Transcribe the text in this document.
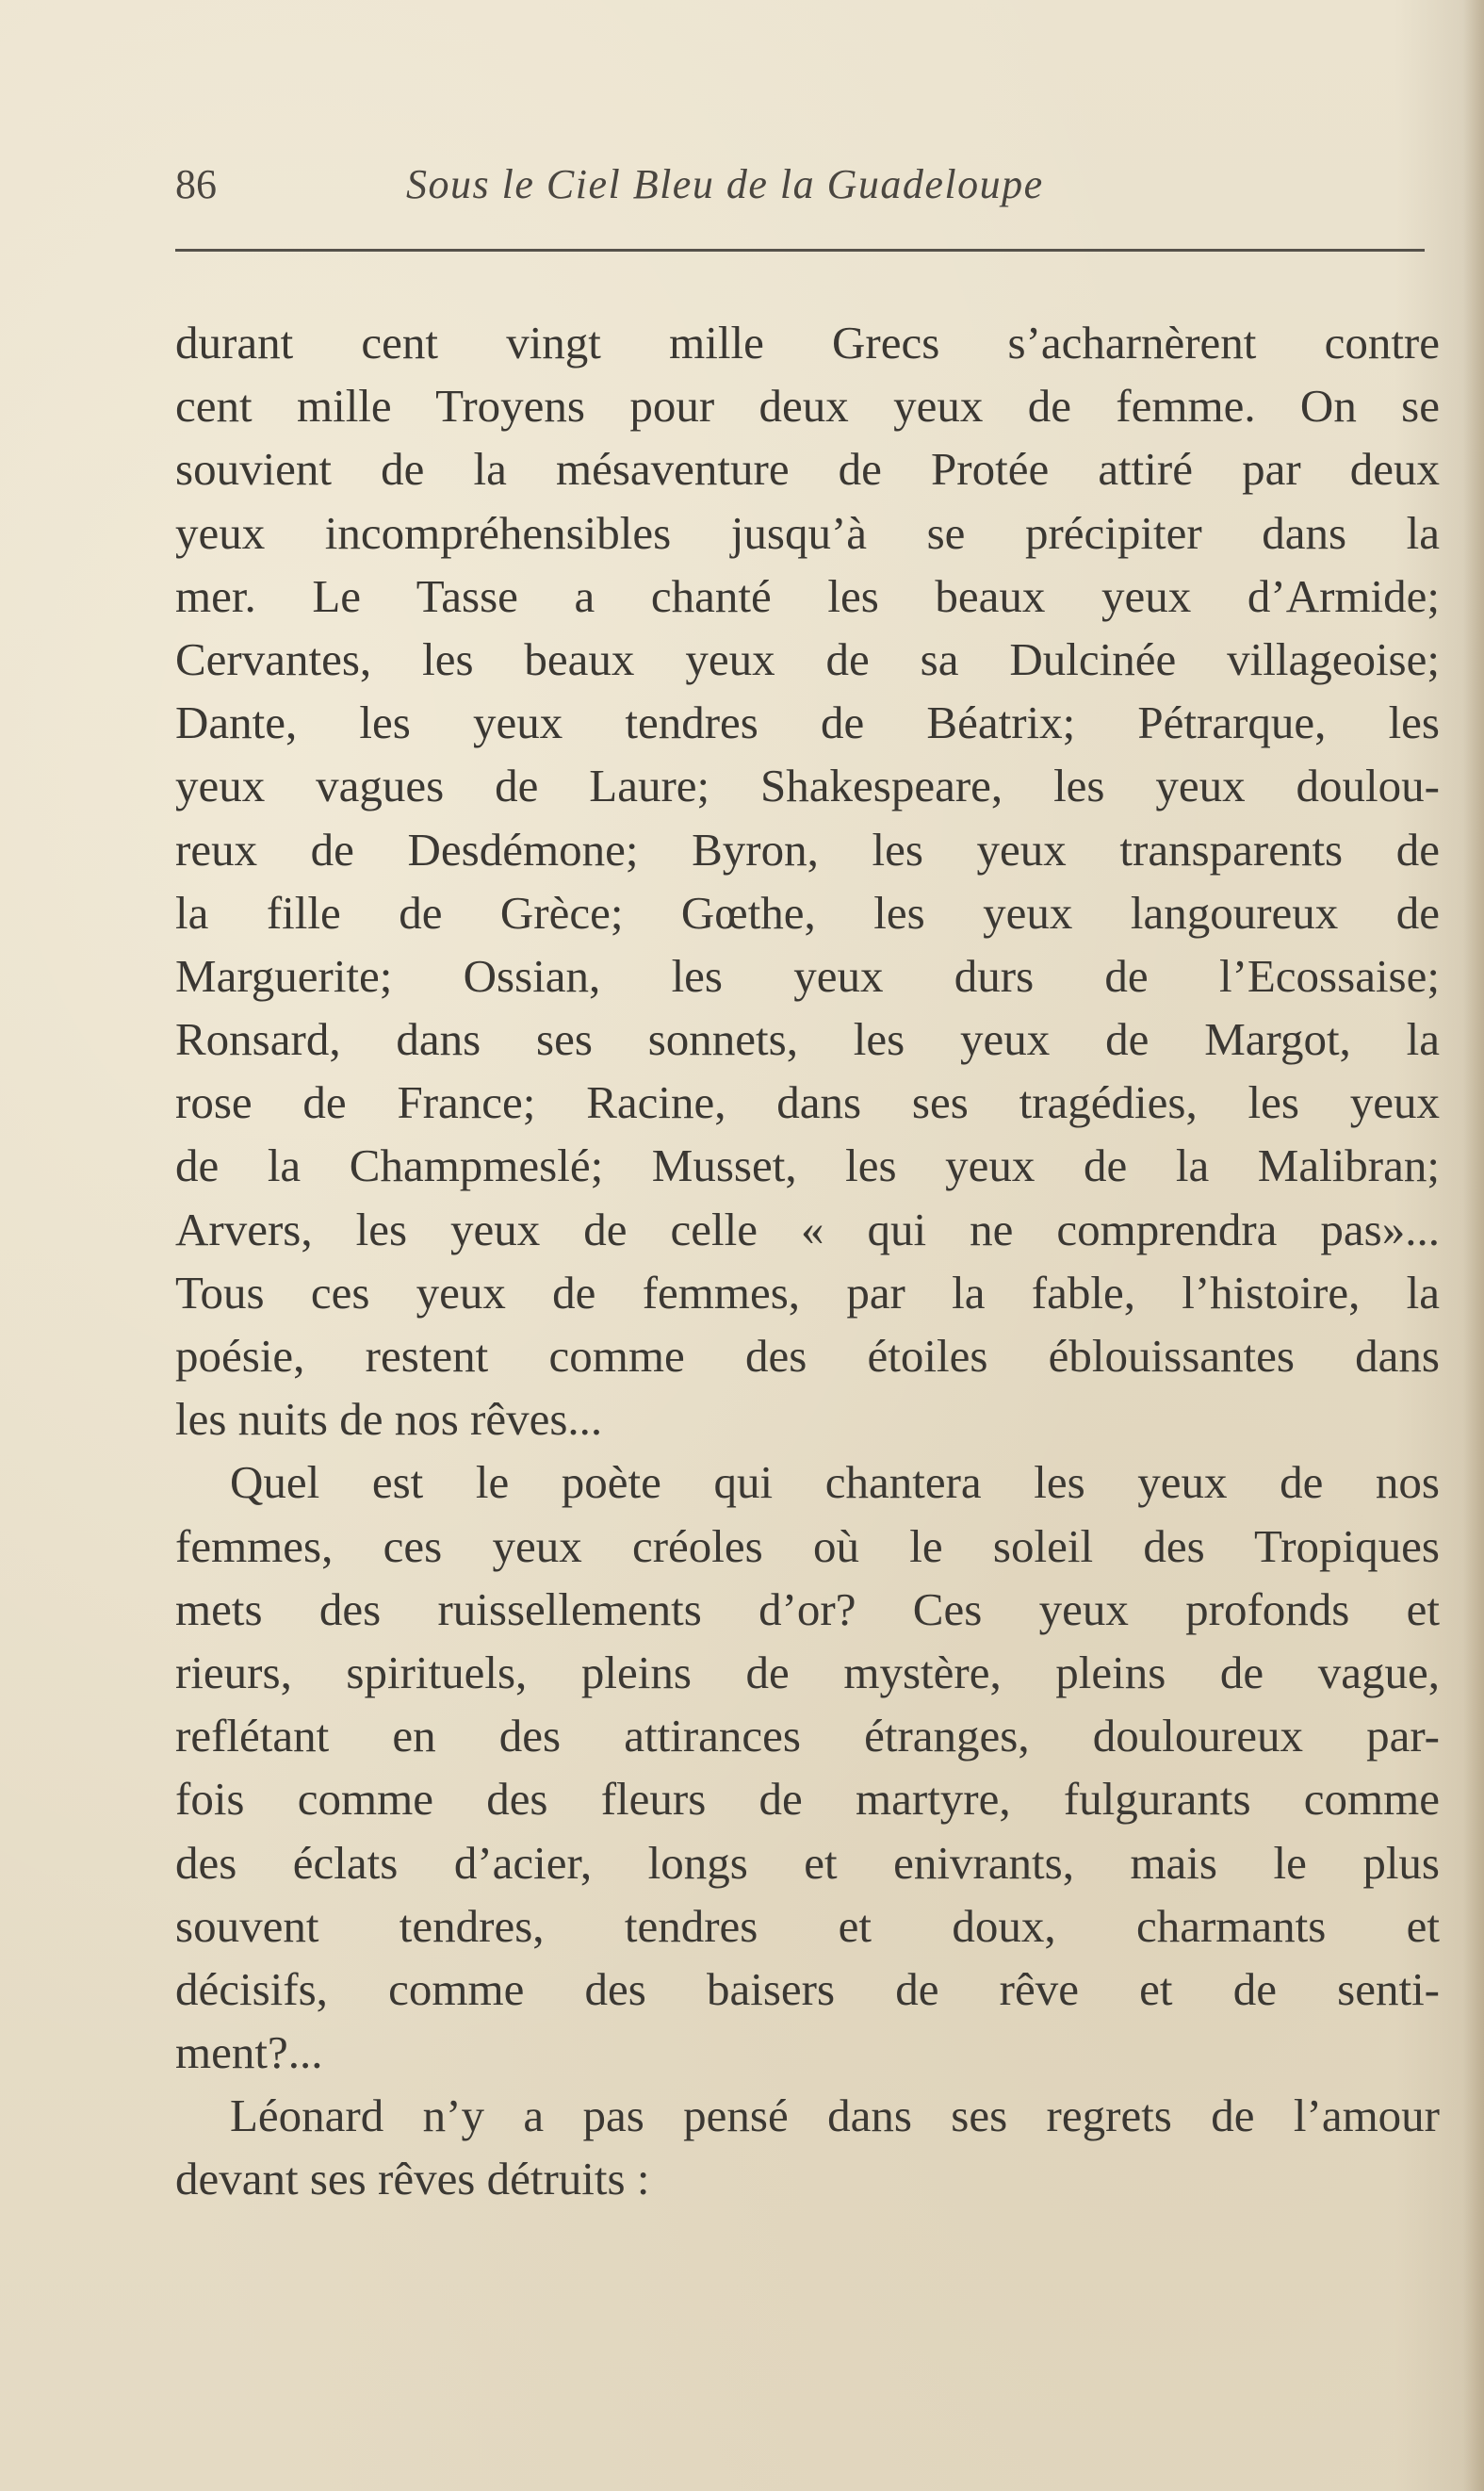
86	Sous le Ciel Bleu de la Guadeloupe
durant cent vingt mille Grecs s’acharnèrent contre
cent mille Troyens pour deux yeux de femme. On se
souvient de la mésaventure de Protée attiré par deux
yeux incompréhensibles jusqu’à se précipiter dans la
mer. Le Tasse a chanté les beaux yeux d’Armide;
Cervantes, les beaux yeux de sa Dulcinée villageoise;
Dante, les yeux tendres de Béatrix; Pétrarque, les
yeux vagues de Laure; Shakespeare, les yeux doulou-
reux de Desdémone; Byron, les yeux transparents de
la fille de Grèce; Gœthe, les yeux langoureux de
Marguerite; Ossian, les yeux durs de l’Ecossaise;
Ronsard, dans ses sonnets, les yeux de Margot, la
rose de France; Racine, dans ses tragédies, les yeux
de la Champmeslé; Musset, les yeux de la Malibran;
Arvers, les yeux de celle « qui ne comprendra pas»...
Tous ces yeux de femmes, par la fable, l’histoire, la
poésie, restent comme des étoiles éblouissantes dans
les nuits de nos rêves...
Quel est le poète qui chantera les yeux de nos
femmes, ces yeux créoles où le soleil des Tropiques
mets des ruissellements d’or? Ces yeux profonds et
rieurs, spirituels, pleins de mystère, pleins de vague,
reflétant en des attirances étranges, douloureux par-
fois comme des fleurs de martyre, fulgurants comme
des éclats d’acier, longs et enivrants, mais le plus
souvent tendres, tendres et doux, charmants et
décisifs, comme des baisers de rêve et de senti-
ment?...
Léonard n’y a pas pensé dans ses regrets de l’amour
devant ses rêves détruits :
